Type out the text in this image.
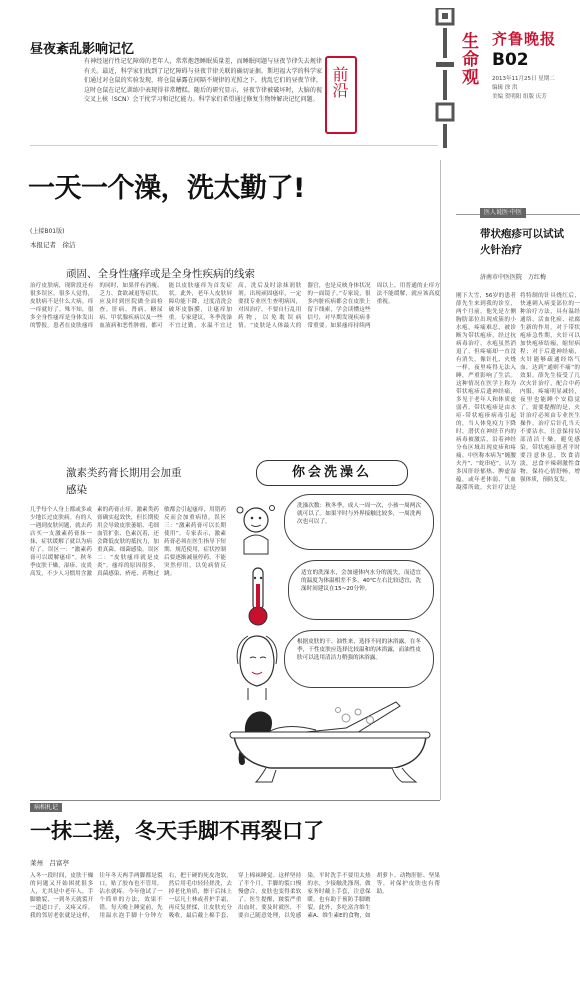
生命观 齐鲁晚报
B02
2013年11月25日 星期二
编辑 徐 洪
美编 贺明阳 组版 庆芳
昼夜紊乱影响记忆
有神经退行性记忆障碍的老年人，常常抱怨睡眠质量差，而睡眠问题与昼夜节律失去规律有关。最近，科学家们找到了记忆障碍与昼夜节律关联的确切证据。斯坦福大学的科学家们通过对仓鼠的实验发现，将仓鼠暴露在间隔不规律的光照之下，扰乱它们的昼夜节律，这时仓鼠在记忆训练中表现得非常糟糕。随后的研究显示，昼夜节律被破坏时，大脑的视交叉上核（SCN）会干扰学习和记忆能力。科学家们希望通过修复生物钟解决记忆问题。
前沿
一天一个澡，洗太勤了!
(上接B01版)
本报记者　徐洁
顽固、全身性瘙痒或是全身性疾病的线索
治疗皮肤病，现阶段还有很多误区。很多人觉得，皮肤病不是什么大病，痒一痒就好了。殊不知，很多全身性瘙痒是身体发出的警报。患者在皮肤瘙痒的同时，如果伴有消瘦、乏力、食欲减退等症状，应及时到医院做全面检查。肝病、肾病、糖尿病、甲状腺疾病以及一些血液病和恶性肿瘤，都可能以皮肤瘙痒为首发症状。此外，老年人皮肤屏障功能下降，过度清洗会破坏皮脂膜，让瘙痒加重。专家建议，冬季洗澡不宜过勤，水温不宜过高，洗后及时涂抹润肤剂。出现顽固瘙痒，一定要找专业医生查明病因，对因治疗，不要自行乱用药物，以免耽误病情。“皮肤是人体最大的器官，也是反映身体状况的一面镜子。”专家说，很多内脏疾病都会在皮肤上留下线索，学会读懂这些信号，对早期发现疾病非常重要。如果瘙痒持续两周以上，用普通的止痒方法不能缓解，就应该高度重视。
激素类药膏长期用会加重感染
几乎每个人身上都或多或少地长过皮肤病。有的人一遇到皮肤问题，就去药店买一支激素药膏抹一抹，症状缓解了就以为病好了。误区一：“激素药膏可以缓解瘙痒”。秋冬季皮肤干燥，湿疹、皮炎高发，不少人习惯用含激素的药膏止痒。激素类药膏确实起效快，但长期使用会导致皮肤萎缩、毛细血管扩张、色素沉着，还会降低皮肤的抵抗力，加重真菌、细菌感染。误区二：“皮肤瘙痒就是皮炎”。瘙痒的原因很多，真菌感染、疥疮、药物过敏都会引起瘙痒，用错药反而会加重病情。误区三：“激素药膏可以长期使用”。专家表示，激素药膏必须在医生指导下短期、规范使用，症状控制后要逐渐减量停药，不能突然停用，以免病情反跳。
你会洗澡么
洗澡次数：秋冬季，成人一周一次，小孩一周两次就可以了。如果平时与外界接触比较多，一周洗两次也可以了。
适宜的洗澡水，会加速体内水分的流失，而适宜的温度为体温相差不多，40℃左右比较适宜，洗澡时间建议在15~20分钟。
根据皮肤的干、油性来，选择不同的沐浴露，在冬季，干性皮肤应选择比较温和的沐浴露，而油性皮肤可以选用清洁力稍强的沐浴露。
病相札记
一抹二搓，冬天手脚不再裂口了
莱州　吕富亭
入冬一段时间，皮肤干燥的问题又开始困扰很多人，尤其是中老年人，手脚皲裂，一到冬天就裂开一道道口子，又疼又痒。我的邻居老张就是这样，往年冬天两手两脚都是裂口，贴了胶布也不管用，沾水就疼。今年他试了一个简单的方法，效果不错。每天晚上睡觉前，先用温水泡手脚十分钟左右，把干硬的死皮泡软，然后用毛巾轻轻搓洗，去掉老化角质，擦干后抹上一层凡士林或者护手霜，再反复搓揉，让皮肤充分吸收，最后戴上棉手套、穿上棉袜睡觉。这样坚持了半个月，手脚的裂口慢慢愈合，皮肤也变得柔软了。医生提醒，皲裂严重出血时，要及时就医，不要自己随意处理，以免感染。平时洗手不要用太热的水，少接触洗涤剂，做家务时戴上手套，注意保暖，也有助于预防手脚皲裂。此外，多吃富含维生素A、维生素E的食物，如胡萝卜、动物肝脏、坚果等，对保护皮肤也有帮助。
医人说医·中医
带状疱疹可以试试火针治疗
济南市中医医院　万红梅
刚下大雪，56岁的患者薛先生来到我的诊室，两个月前，他先是左侧胸肋部位出现成簇的小水疱，疼痛难忍，被诊断为带状疱疹，经过抗病毒治疗，水疱虽然消退了，但疼痛却一直没有消失，像针扎、火烧一样，夜里疼得无法入睡，严重影响了生活。这种情况在医学上称为带状疱疹后遗神经痛，多见于老年人和体质虚弱者。带状疱疹是由水痘-带状疱疹病毒引起的，当人体免疫力下降时，潜伏在神经节内的病毒被激活，沿着神经分布区域出现皮疹和疼痛。中医称本病为“缠腰火丹”、“蛇串疮”，认为多因肝经郁热、脾虚湿蕴，或年老体弱、气血凝滞所致。火针疗法是将特制的针具烧红后，快速刺入病变部位的一种治疗方法，具有温经通络、活血化瘀、祛腐生新的作用。对于带状疱疹急性期，火针可以加快疱疹结痂，缩短病程；对于后遗神经痛，火针能够疏通经络气血，达到“通则不痛”的效果。薛先生接受了几次火针治疗，配合中药内服，疼痛明显减轻，夜里也能睡个安稳觉了。需要提醒的是，火针治疗必须由专业医生操作，治疗后针孔当天不要沾水，注意保持局部清洁干燥，避免感染。带状疱疹患者平时要注意休息，饮食清淡，忌食辛辣刺激性食物，保持心情舒畅，增强体质，预防复发。
